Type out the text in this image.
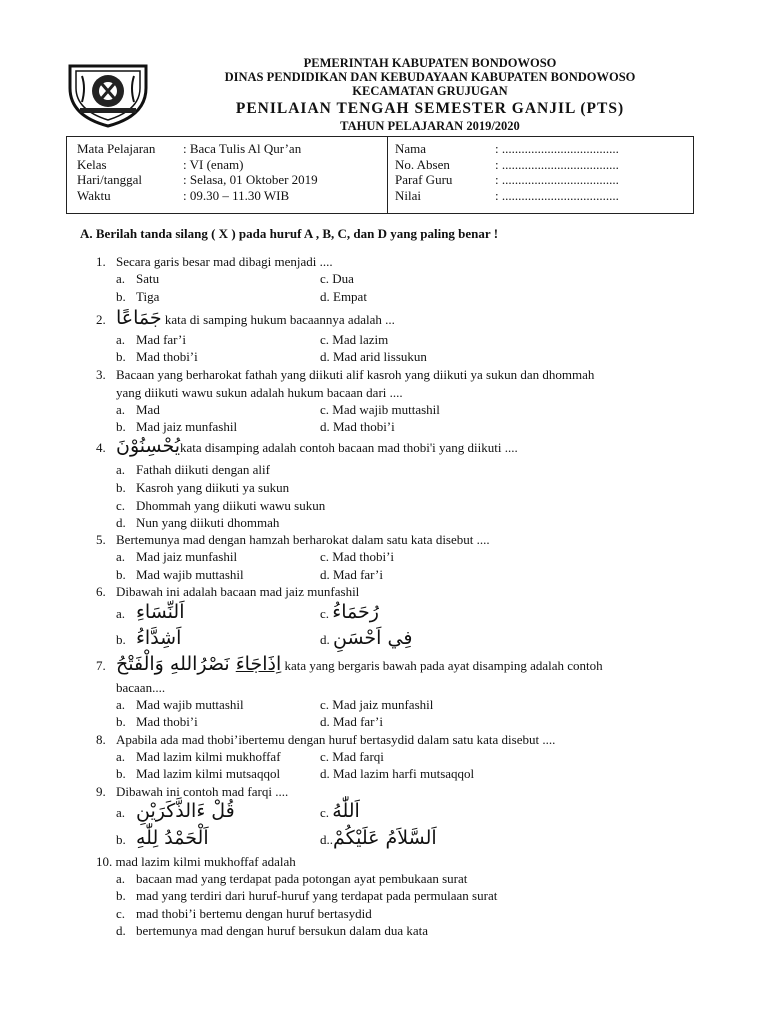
PEMERINTAH KABUPATEN BONDOWOSO
DINAS PENDIDIKAN DAN KEBUDAYAAN KABUPATEN BONDOWOSO
KECAMATAN GRUJUGAN
PENILAIAN TENGAH SEMESTER GANJIL (PTS)
TAHUN PELAJARAN 2019/2020
Mata Pelajaran	: Baca Tulis Al Qur’an
Kelas	: VI (enam)
Hari/tanggal	: Selasa, 01 Oktober 2019
Waktu	: 09.30 – 11.30 WIB
Nama	: ....................................
No. Absen	: ....................................
Paraf Guru	: ....................................
Nilai	: ....................................
A. Berilah tanda silang ( X ) pada huruf A , B, C, dan D yang paling benar !
1. Secara garis besar mad dibagi menjadi ....
a. Satu	c. Dua
b. Tiga	d. Empat
2. جَمَاعًا kata di samping hukum bacaannya adalah ...
a. Mad far’i	c. Mad lazim
b. Mad thobi’i	d. Mad arid lissukun
3. Bacaan yang berharokat fathah yang diikuti alif kasroh yang diikuti ya sukun dan dhommah
yang diikuti wawu sukun adalah hukum bacaan dari ....
a. Mad	c. Mad wajib muttashil
b. Mad jaiz munfashil	d. Mad thobi’i
4. يُحْسِنُوْنَkata disamping adalah contoh bacaan mad thobi'i yang diikuti ....
a. Fathah diikuti dengan alif
b. Kasroh yang diikuti ya sukun
c. Dhommah yang diikuti wawu sukun
d. Nun yang diikuti dhommah
5. Bertemunya mad dengan hamzah berharokat dalam satu kata disebut ....
a. Mad jaiz munfashil	c. Mad thobi’i
b. Mad wajib muttashil	d. Mad far’i
6. Dibawah ini adalah bacaan mad jaiz munfashil
a. اَلنِّسَاءِ	c. رُحَمَاءُ
b. اَشِدَّاءُ	d. فِي اَحْسَنِ
7.	اِذَاجَاءَ نَصْرُاللهِ وَالْفَتْحُ	kata yang bergaris bawah pada ayat disamping adalah contoh
bacaan....
a. Mad wajib muttashil	c. Mad jaiz munfashil
b. Mad thobi’i	d. Mad far’i
8. Apabila ada mad thobi’ibertemu dengan huruf bertasydid dalam satu kata disebut ....
a. Mad lazim kilmi mukhoffaf	c. Mad farqi
b. Mad lazim kilmi mutsaqqol	d. Mad lazim harfi mutsaqqol
9. Dibawah ini contoh mad farqi ....
a. قُلْ ءَالذَّكَرَيْنِ	c. اَللّٰهُ
b. اَلْحَمْدُ لِلّٰهِ	d..اَلسَّلاَمُ عَلَيْكُمْ
10. mad lazim kilmi mukhoffaf adalah
a. bacaan mad yang terdapat pada potongan ayat pembukaan surat
b. mad yang terdiri dari huruf-huruf yang terdapat pada permulaan surat
c. mad thobi’i bertemu dengan huruf bertasydid
d. bertemunya mad dengan huruf bersukun dalam dua kata
